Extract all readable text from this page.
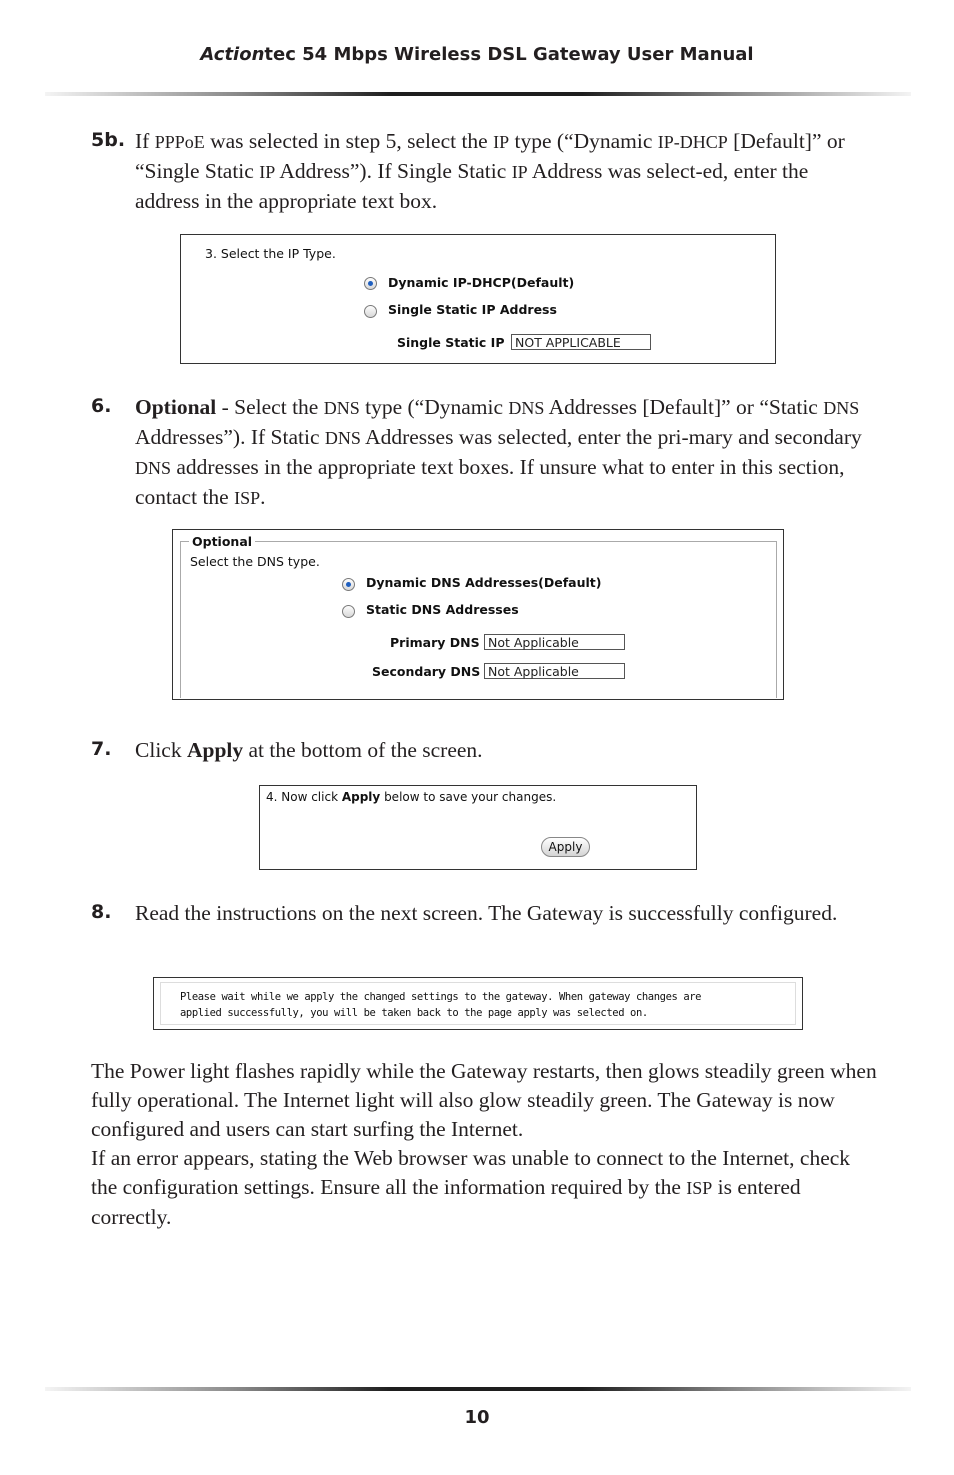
Actiontec 54 Mbps Wireless DSL Gateway User Manual
5b. If PPPoE was selected in step 5, select the IP type (“Dynamic IP-DHCP [Default]” or “Single Static IP Address”). If Single Static IP Address was select-ed, enter the address in the appropriate text box.
3. Select the IP Type.
Dynamic IP-DHCP(Default)
Single Static IP Address
Single Static IP NOT APPLICABLE
6. Optional - Select the DNS type (“Dynamic DNS Addresses [Default]” or “Static DNS Addresses”). If Static DNS Addresses was selected, enter the pri-mary and secondary DNS addresses in the appropriate text boxes. If unsure what to enter in this section, contact the ISP.
Optional
Select the DNS type.
Dynamic DNS Addresses(Default)
Static DNS Addresses
Primary DNS Not Applicable
Secondary DNS Not Applicable
7. Click Apply at the bottom of the screen.
4. Now click Apply below to save your changes.
Apply
8. Read the instructions on the next screen. The Gateway is successfully configured.
Please wait while we apply the changed settings to the gateway. When gateway changes are
applied successfully, you will be taken back to the page apply was selected on.
The Power light flashes rapidly while the Gateway restarts, then glows steadily green when fully operational. The Internet light will also glow steadily green. The Gateway is now configured and users can start surfing the Internet.
If an error appears, stating the Web browser was unable to connect to the Internet, check the configuration settings. Ensure all the information required by the ISP is entered correctly.
10
